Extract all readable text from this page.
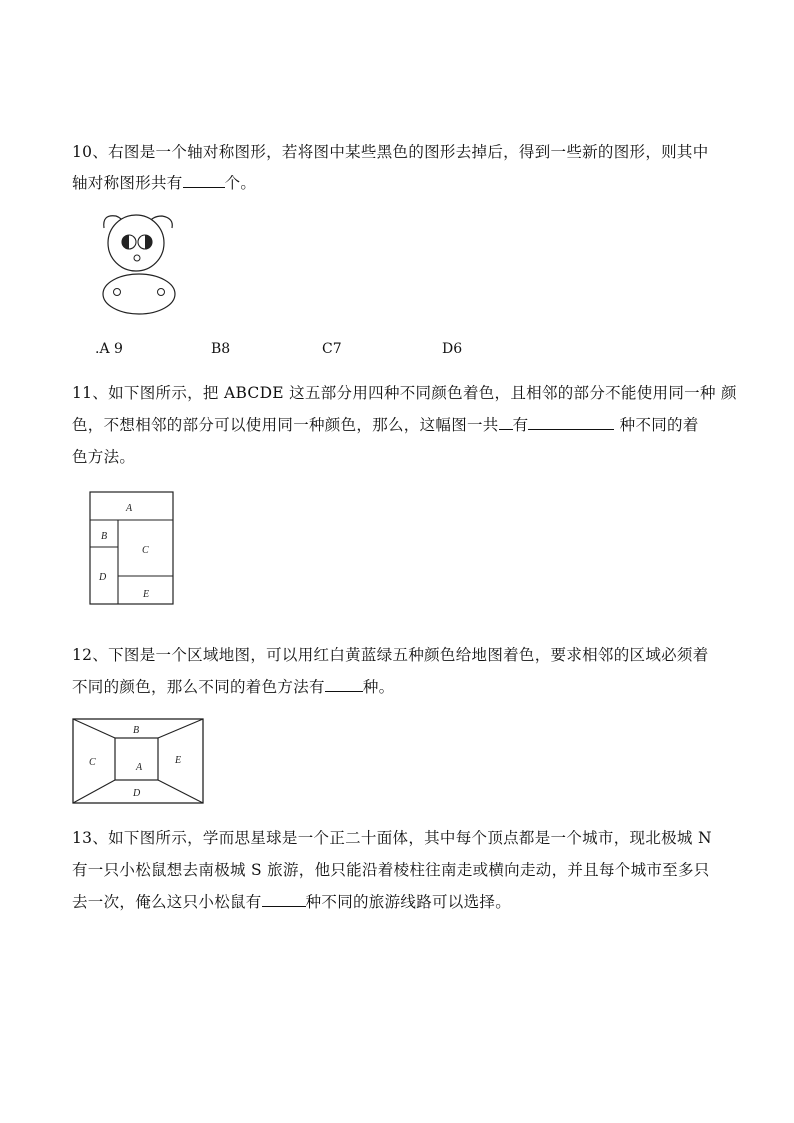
10、右图是一个轴对称图形，若将图中某些黑色的图形去掉后，得到一些新的图形，则其中
轴对称图形共有	个。
.A 9	B8	C7	D6
11、如下图所示，把 ABCDE 这五部分用四种不同颜色着色，且相邻的部分不能使用同一种 颜
色，不想相邻的部分可以使用同一种颜色，那么，这幅图一共 有	种不同的着
色方法。
A
B
C
D
E
12、下图是一个区域地图，可以用红白黄蓝绿五种颜色给地图着色，要求相邻的区域必须着
不同的颜色，那么不同的着色方法有 种。
B
C	A
E
D
13、如下图所示，学而思星球是一个正二十面体，其中每个顶点都是一个城市，现北极城 N
有一只小松鼠想去南极城 S 旅游，他只能沿着棱柱往南走或横向走动，并且每个城市至多只
去一次，俺么这只小松鼠有	种不同的旅游线路可以选择。
